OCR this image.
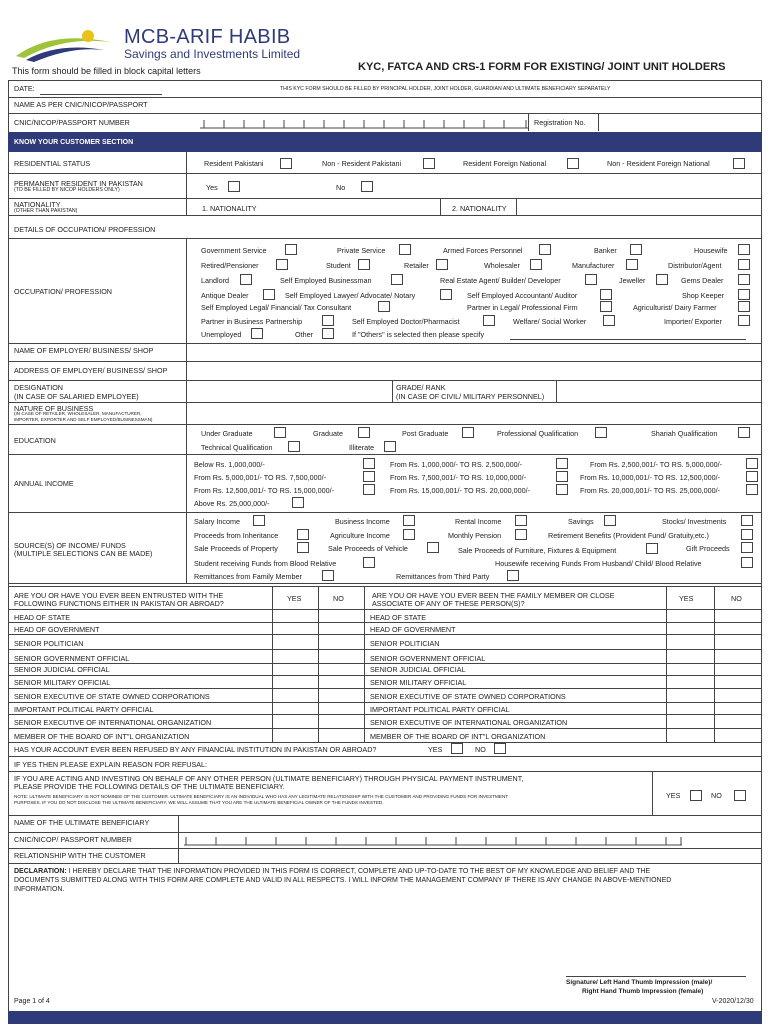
MCB-ARIF HABIB
Savings and Investments Limited
This form should be filled in block capital letters	KYC, FATCA AND CRS-1 FORM FOR EXISTING/ JOINT UNIT HOLDERS
DATE:	THIS KYC FORM SHOULD BE FILLED BY PRINCIPAL HOLDER, JOINT HOLDER, GUARDIAN AND ULTIMATE BENEFICIARY SEPARATELY
NAME AS PER CNIC/NICOP/PASSPORT
CNIC/NICOP/PASSPORT NUMBER	Registration No.
KNOW YOUR CUSTOMER SECTION
RESIDENTIAL STATUS	Resident Pakistani	Non - Resident Pakistani	Resident Foreign National	Non - Resident Foreign National
PERMANENT RESIDENT IN PAKISTAN
(TO BE FILLED BY NICOP HOLDERS ONLY)	Yes	No
NATIONALITY
(OTHER THAN PAKISTAN)	1. NATIONALITY	2. NATIONALITY
DETAILS OF OCCUPATION/ PROFESSION
OCCUPATION/ PROFESSION
Government Service	Private Service	Armed Forces Personnel	Banker	Housewife
Retired/Pensioner	Student	Retailer	Wholesaler	Manufacturer	Distributor/Agent
Landlord	Self Employed Businessman	Real Estate Agent/ Builder/ Developer	Jeweller	Gems Dealer
Antique Dealer	Self Employed Lawyer/ Advocate/ Notary	Self Employed Accountant/ Auditor	Shop Keeper
Self Employed Legal/ Financial/ Tax Consultant	Partner in Legal/ Professional Firm	Agriculturist/ Dairy Farmer
Partner in Business Partnership	Self Employed Doctor/Pharmacist	Welfare/ Social Worker	Importer/ Exporter
Unemployed	Other	If "Others" is selected then please specify
NAME OF EMPLOYER/ BUSINESS/ SHOP
ADDRESS OF EMPLOYER/ BUSINESS/ SHOP
DESIGNATION
(IN CASE OF SALARIED EMPLOYEE)
GRADE/ RANK
(IN CASE OF CIVIL/ MILITARY PERSONNEL)
NATURE OF BUSINESS
(IN CASE OF RETAILER, WHOLESALER, MANUFACTURER,
IMPORTER, EXPORTER AND SELF EMPLOYED/BUSINESSMAN)
EDUCATION
Under Graduate	Graduate	Post Graduate	Professional Qualification	Shariah Qualification
Technical Qualification	Illiterate
ANNUAL INCOME
Below Rs. 1,000,000/-	From Rs. 1,000,000/- TO RS. 2,500,000/-	From Rs. 2,500,001/- TO RS. 5,000,000/-
From Rs. 5,000,001/- TO RS. 7,500,000/-	From Rs. 7,500,001/- TO RS. 10,000,000/-	From Rs. 10,000,001/- TO RS. 12,500,000/-
From Rs. 12,500,001/- TO RS. 15,000,000/-	From Rs. 15,000,001/- TO RS. 20,000,000/-	From Rs. 20,000,001/- TO RS. 25,000,000/-
Above Rs. 25,000,000/-
SOURCE(S) OF INCOME/ FUNDS
(MULTIPLE SELECTIONS CAN BE MADE)
Salary Income	Business Income	Rental Income	Savings	Stocks/ Investments
Proceeds from Inheritance	Agriculture Income	Monthly Pension	Retirement Benefits (Provident Fund/ Gratuity,etc.)
Sale Proceeds of Property	Sale Proceeds of Vehicle	Sale Proceeds of Furniture, Fixtures & Equipment	Gift Proceeds
Student receiving Funds from Blood Relative	Housewife receiving Funds From Husband/ Child/ Blood Relative
Remittances from Family Member	Remittances from Third Party
ARE YOU OR HAVE YOU EVER BEEN ENTRUSTED WITH THE
FOLLOWING FUNCTIONS EITHER IN PAKISTAN OR ABROAD?
YES	NO	ARE YOU OR HAVE YOU EVER BEEN THE FAMILY MEMBER OR CLOSE
ASSOCIATE OF ANY OF THESE PERSON(S)?
YES	NO
HEAD OF STATE	HEAD OF STATE
HEAD OF GOVERNMENT	HEAD OF GOVERNMENT
SENIOR POLITICIAN	SENIOR POLITICIAN
SENIOR GOVERNMENT OFFICIAL	SENIOR GOVERNMENT OFFICIAL
SENIOR JUDICIAL OFFICIAL	SENIOR JUDICIAL OFFICIAL
SENIOR MILITARY OFFICIAL	SENIOR MILITARY OFFICIAL
SENIOR EXECUTIVE OF STATE OWNED CORPORATIONS	SENIOR EXECUTIVE OF STATE OWNED CORPORATIONS
IMPORTANT POLITICAL PARTY OFFICIAL	IMPORTANT POLITICAL PARTY OFFICIAL
SENIOR EXECUTIVE OF INTERNATIONAL ORGANIZATION	SENIOR EXECUTIVE OF INTERNATIONAL ORGANIZATION
MEMBER OF THE BOARD OF INT"L ORGANIZATION	MEMBER OF THE BOARD OF INT"L ORGANIZATION
HAS YOUR ACCOUNT EVER BEEN REFUSED BY ANY FINANCIAL INSTITUTION IN PAKISTAN OR ABROAD?	YES	NO
IF YES THEN PLEASE EXPLAIN REASON FOR REFUSAL:
IF YOU ARE ACTING AND INVESTING ON BEHALF OF ANY OTHER PERSON (ULTIMATE BENEFICIARY) THROUGH PHYSICAL PAYMENT INSTRUMENT,
PLEASE PROVIDE THE FOLLOWING DETAILS OF THE ULTIMATE BENEFICIARY.
NOTE: ULTIMATE BENEFICIARY IS NOT NOMINEE OF THE CUSTOMER. ULTIMATE BENEFICIARY IS AN INDIVIDUAL WHO HAS ANY LEGITIMATE RELATIONSHIP WITH THE CUSTOMER AND PROVIDING FUNDS FOR INVESTMENT
PURPOSES. IF YOU DO NOT DISCLOSE THE ULTIMATE BENEFICIARY, WE WILL ASSUME THAT YOU ARE THE ULTIMATE BENEFICIAL OWNER OF THE FUNDS INVESTED.
YES	NO
NAME OF THE ULTIMATE BENEFICIARY
CNIC/NICOP/ PASSPORT NUMBER
RELATIONSHIP WITH THE CUSTOMER
DECLARATION: I HEREBY DECLARE THAT THE INFORMATION PROVIDED IN THIS FORM IS CORRECT, COMPLETE AND UP-TO-DATE TO THE BEST OF MY KNOWLEDGE AND BELIEF AND THE
DOCUMENTS SUBMITTED ALONG WITH THIS FORM ARE COMPLETE AND VALID IN ALL RESPECTS. I WILL INFORM THE MANAGEMENT COMPANY IF THERE IS ANY CHANGE IN ABOVE-MENTIONED
INFORMATION.
Signature/ Left Hand Thumb Impression (male)/
Right Hand Thumb Impression (female)
Page 1 of 4	V-2020/12/30
